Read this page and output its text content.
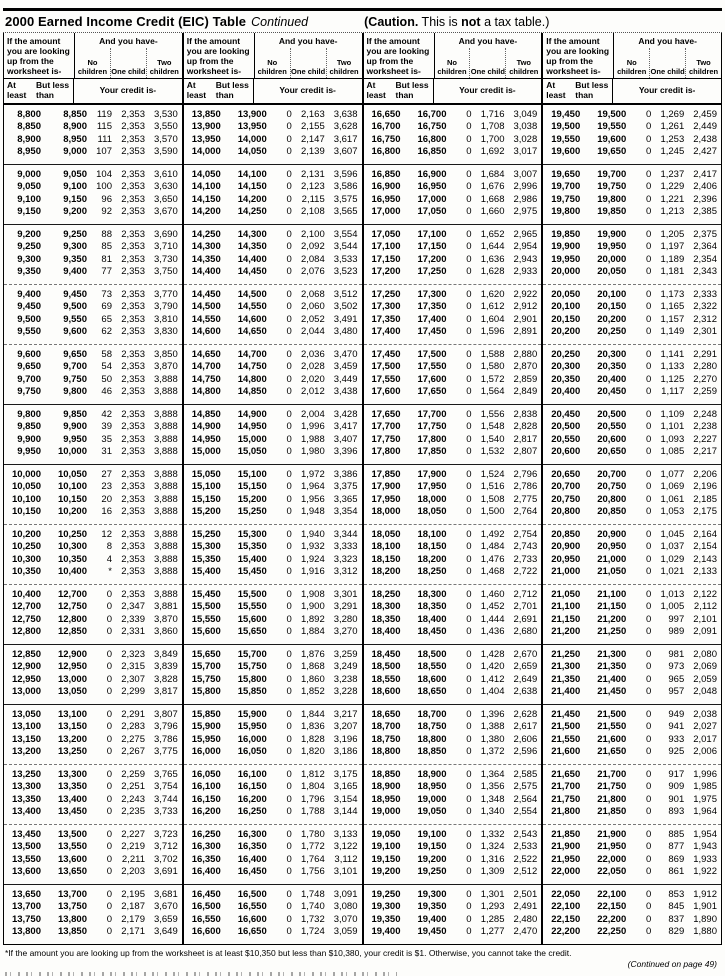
2000 Earned Income Credit (EIC) Table Continued	(Caution. This is not a tax table.)
If the amount you are looking up from the worksheet is-
And you have-
No children One child
Two children
At least
But less than	Your credit is-
8,800	8,850	119 2,353 3,530
8,850	8,900	115 2,353 3,550
8,900	8,950	111 2,353 3,570
8,950	9,000 107 2,353 3,590
9,000	9,050 104 2,353 3,610
9,050	9,100 100 2,353 3,630
9,100	9,150	96 2,353 3,650
9,150	9,200	92 2,353 3,670
9,200	9,250	88 2,353 3,690
9,250	9,300	85 2,353 3,710
9,300	9,350	81 2,353 3,730
9,350	9,400	77 2,353 3,750
9,400	9,450	73 2,353 3,770
9,450	9,500	69 2,353 3,790
9,500	9,550	65 2,353 3,810
9,550	9,600	62 2,353 3,830
9,600	9,650	58 2,353 3,850
9,650	9,700	54 2,353 3,870
9,700	9,750	50 2,353 3,888
9,750	9,800	46 2,353 3,888
9,800	9,850	42 2,353 3,888
9,850	9,900	39 2,353 3,888
9,900	9,950	35 2,353 3,888
9,950	10,000	31 2,353 3,888
10,000	10,050	27 2,353 3,888
10,050	10,100	23 2,353 3,888
10,100	10,150	20 2,353 3,888
10,150	10,200	16 2,353 3,888
10,200	10,250	12 2,353 3,888
10,250	10,300	8 2,353 3,888
10,300	10,350	4 2,353 3,888
10,350	10,400	* 2,353 3,888
10,400	12,700	0 2,353 3,888
12,700	12,750	0 2,347 3,881
12,750	12,800	0 2,339 3,870
12,800	12,850	0 2,331 3,860
12,850	12,900	0 2,323 3,849
12,900	12,950	0 2,315 3,839
12,950	13,000	0 2,307 3,828
13,000	13,050	0 2,299 3,817
13,050	13,100	0 2,291 3,807
13,100	13,150	0 2,283 3,796
13,150	13,200	0 2,275 3,786
13,200	13,250	0 2,267 3,775
13,250	13,300	0 2,259 3,765
13,300	13,350	0 2,251 3,754
13,350	13,400	0 2,243 3,744
13,400	13,450	0 2,235 3,733
13,450	13,500	0 2,227 3,723
13,500	13,550	0 2,219 3,712
13,550	13,600	0	2,211 3,702
13,600	13,650	0 2,203 3,691
13,650	13,700	0 2,195 3,681
13,700	13,750	0 2,187 3,670
13,750	13,800	0 2,179 3,659
13,800	13,850	0 2,171 3,649
If the amount you are looking up from the worksheet is-
And you have-
No children One child
Two children
At least
But less than	Your credit is-
13,850	13,900	0 2,163 3,638
13,900	13,950	0 2,155 3,628
13,950	14,000	0 2,147 3,617
14,000	14,050	0 2,139 3,607
14,050	14,100	0 2,131 3,596
14,100	14,150	0 2,123 3,586
14,150	14,200	0	2,115 3,575
14,200	14,250	0 2,108 3,565
14,250	14,300	0 2,100 3,554
14,300	14,350	0 2,092 3,544
14,350	14,400	0 2,084 3,533
14,400	14,450	0 2,076 3,523
14,450	14,500	0 2,068 3,512
14,500	14,550	0 2,060 3,502
14,550	14,600	0 2,052 3,491
14,600	14,650	0 2,044 3,480
14,650	14,700	0 2,036 3,470
14,700	14,750	0 2,028 3,459
14,750	14,800	0 2,020 3,449
14,800	14,850	0 2,012 3,438
14,850	14,900	0 2,004 3,428
14,900	14,950	0 1,996 3,417
14,950	15,000	0 1,988 3,407
15,000	15,050	0 1,980 3,396
15,050	15,100	0 1,972 3,386
15,100	15,150	0 1,964 3,375
15,150	15,200	0 1,956 3,365
15,200	15,250	0 1,948 3,354
15,250	15,300	0 1,940 3,344
15,300	15,350	0 1,932 3,333
15,350	15,400	0 1,924 3,323
15,400	15,450	0 1,916 3,312
15,450	15,500	0 1,908 3,301
15,500	15,550	0 1,900 3,291
15,550	15,600	0 1,892 3,280
15,600	15,650	0 1,884 3,270
15,650	15,700	0 1,876 3,259
15,700	15,750	0 1,868 3,249
15,750	15,800	0 1,860 3,238
15,800	15,850	0 1,852 3,228
15,850	15,900	0 1,844 3,217
15,900	15,950	0 1,836 3,207
15,950	16,000	0 1,828 3,196
16,000	16,050	0 1,820 3,186
16,050	16,100	0 1,812 3,175
16,100	16,150	0 1,804 3,165
16,150	16,200	0 1,796 3,154
16,200	16,250	0 1,788 3,144
16,250	16,300	0 1,780 3,133
16,300	16,350	0 1,772 3,122
16,350	16,400	0 1,764	3,112
16,400	16,450	0 1,756 3,101
16,450	16,500	0 1,748 3,091
16,500	16,550	0 1,740 3,080
16,550	16,600	0 1,732 3,070
16,600	16,650	0 1,724 3,059
If the amount you are looking up from the worksheet is-
And you have-
No children One child
Two children
At least
But less than	Your credit is-
16,650	16,700	0 1,716 3,049
16,700	16,750	0 1,708 3,038
16,750	16,800	0 1,700 3,028
16,800	16,850	0 1,692 3,017
16,850	16,900	0 1,684 3,007
16,900	16,950	0 1,676 2,996
16,950	17,000	0 1,668 2,986
17,000	17,050	0 1,660 2,975
17,050	17,100	0 1,652 2,965
17,100	17,150	0 1,644 2,954
17,150	17,200	0 1,636 2,943
17,200	17,250	0 1,628 2,933
17,250	17,300	0 1,620 2,922
17,300	17,350	0 1,612 2,912
17,350	17,400	0 1,604 2,901
17,400	17,450	0 1,596 2,891
17,450	17,500	0 1,588 2,880
17,500	17,550	0 1,580 2,870
17,550	17,600	0 1,572 2,859
17,600	17,650	0 1,564 2,849
17,650	17,700	0 1,556 2,838
17,700	17,750	0 1,548 2,828
17,750	17,800	0 1,540 2,817
17,800	17,850	0 1,532 2,807
17,850	17,900	0 1,524 2,796
17,900	17,950	0 1,516 2,786
17,950	18,000	0 1,508 2,775
18,000	18,050	0 1,500 2,764
18,050	18,100	0 1,492 2,754
18,100	18,150	0 1,484 2,743
18,150	18,200	0 1,476 2,733
18,200	18,250	0 1,468 2,722
18,250	18,300	0 1,460 2,712
18,300	18,350	0 1,452 2,701
18,350	18,400	0 1,444 2,691
18,400	18,450	0 1,436 2,680
18,450	18,500	0 1,428 2,670
18,500	18,550	0 1,420 2,659
18,550	18,600	0 1,412 2,649
18,600	18,650	0 1,404 2,638
18,650	18,700	0 1,396 2,628
18,700	18,750	0 1,388 2,617
18,750	18,800	0 1,380 2,606
18,800	18,850	0 1,372 2,596
18,850	18,900	0 1,364 2,585
18,900	18,950	0 1,356 2,575
18,950	19,000	0 1,348 2,564
19,000	19,050	0 1,340 2,554
19,050	19,100	0 1,332 2,543
19,100	19,150	0 1,324 2,533
19,150	19,200	0 1,316 2,522
19,200	19,250	0 1,309 2,512
19,250	19,300	0 1,301 2,501
19,300	19,350	0 1,293 2,491
19,350	19,400	0 1,285 2,480
19,400	19,450	0 1,277 2,470
If the amount you are looking up from the worksheet is-
And you have-
No children One child
Two children
At least
But less than	Your credit is-
19,450	19,500	0 1,269 2,459
19,500	19,550	0 1,261 2,449
19,550	19,600	0 1,253 2,438
19,600	19,650	0 1,245 2,427
19,650	19,700	0 1,237 2,417
19,700	19,750	0 1,229 2,406
19,750	19,800	0 1,221 2,396
19,800	19,850	0 1,213 2,385
19,850	19,900	0 1,205 2,375
19,900	19,950	0 1,197 2,364
19,950	20,000	0 1,189 2,354
20,000	20,050	0 1,181 2,343
20,050	20,100	0 1,173 2,333
20,100	20,150	0 1,165 2,322
20,150	20,200	0 1,157 2,312
20,200	20,250	0 1,149 2,301
20,250	20,300	0 1,141 2,291
20,300	20,350	0 1,133 2,280
20,350	20,400	0 1,125 2,270
20,400	20,450	0	1,117 2,259
20,450	20,500	0 1,109 2,248
20,500	20,550	0 1,101 2,238
20,550	20,600	0 1,093 2,227
20,600	20,650	0 1,085 2,217
20,650	20,700	0 1,077 2,206
20,700	20,750	0 1,069 2,196
20,750	20,800	0 1,061 2,185
20,800	20,850	0 1,053 2,175
20,850	20,900	0 1,045 2,164
20,900	20,950	0 1,037 2,154
20,950	21,000	0 1,029 2,143
21,000	21,050	0 1,021 2,133
21,050	21,100	0 1,013 2,122
21,100	21,150	0 1,005	2,112
21,150	21,200	0	997 2,101
21,200	21,250	0	989 2,091
21,250	21,300	0	981 2,080
21,300	21,350	0	973 2,069
21,350	21,400	0	965 2,059
21,400	21,450	0	957 2,048
21,450	21,500	0	949 2,038
21,500	21,550	0	941 2,027
21,550	21,600	0	933 2,017
21,600	21,650	0	925 2,006
21,650	21,700	0	917 1,996
21,700	21,750	0	909 1,985
21,750	21,800	0	901 1,975
21,800	21,850	0	893 1,964
21,850	21,900	0	885 1,954
21,900	21,950	0	877 1,943
21,950	22,000	0	869 1,933
22,000	22,050	0	861 1,922
22,050	22,100	0	853 1,912
22,100	22,150	0	845 1,901
22,150	22,200	0	837 1,890
22,200	22,250	0	829 1,880
*If the amount you are looking up from the worksheet is at least $10,350 but less than $10,380, your credit is $1. Otherwise, you cannot take the credit.
(Continued on page 49)
